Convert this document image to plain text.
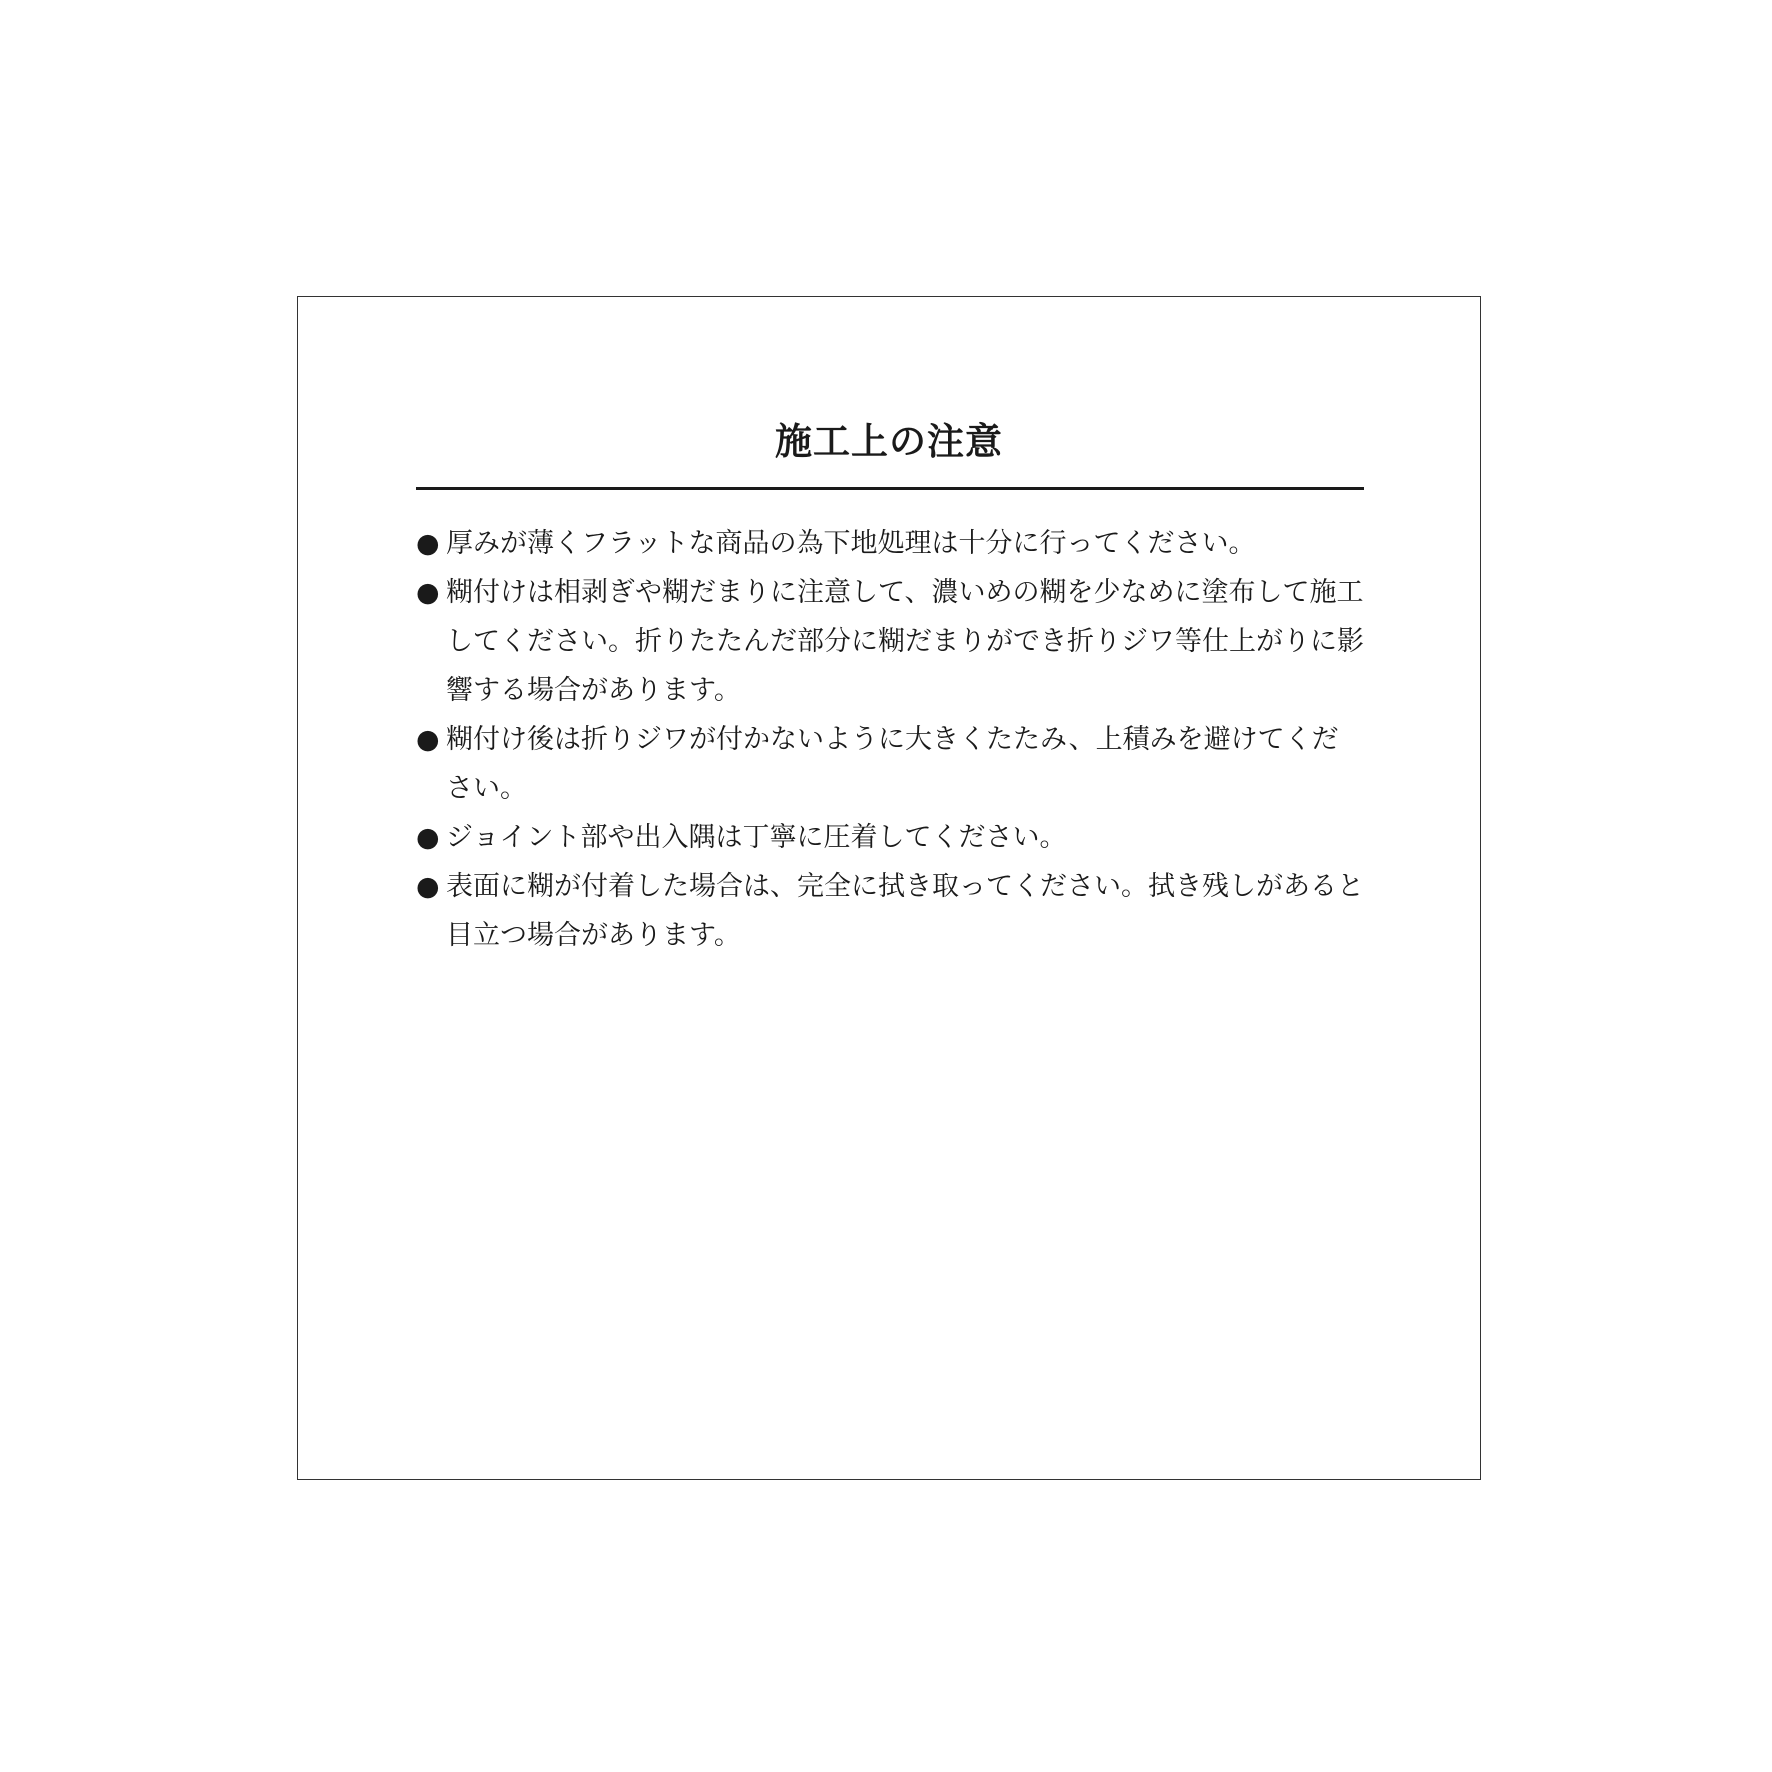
施工上の注意
● 厚みが薄くフラットな商品の為下地処理は十分に行ってください。
● 糊付けは相剥ぎや糊だまりに注意して、濃いめの糊を少なめに塗布して施工してください。折りたたんだ部分に糊だまりができ折りジワ等仕上がりに影響する場合があります。
● 糊付け後は折りジワが付かないように大きくたたみ、上積みを避けてください。
● ジョイント部や出入隅は丁寧に圧着してください。
● 表面に糊が付着した場合は、完全に拭き取ってください。拭き残しがあると目立つ場合があります。
